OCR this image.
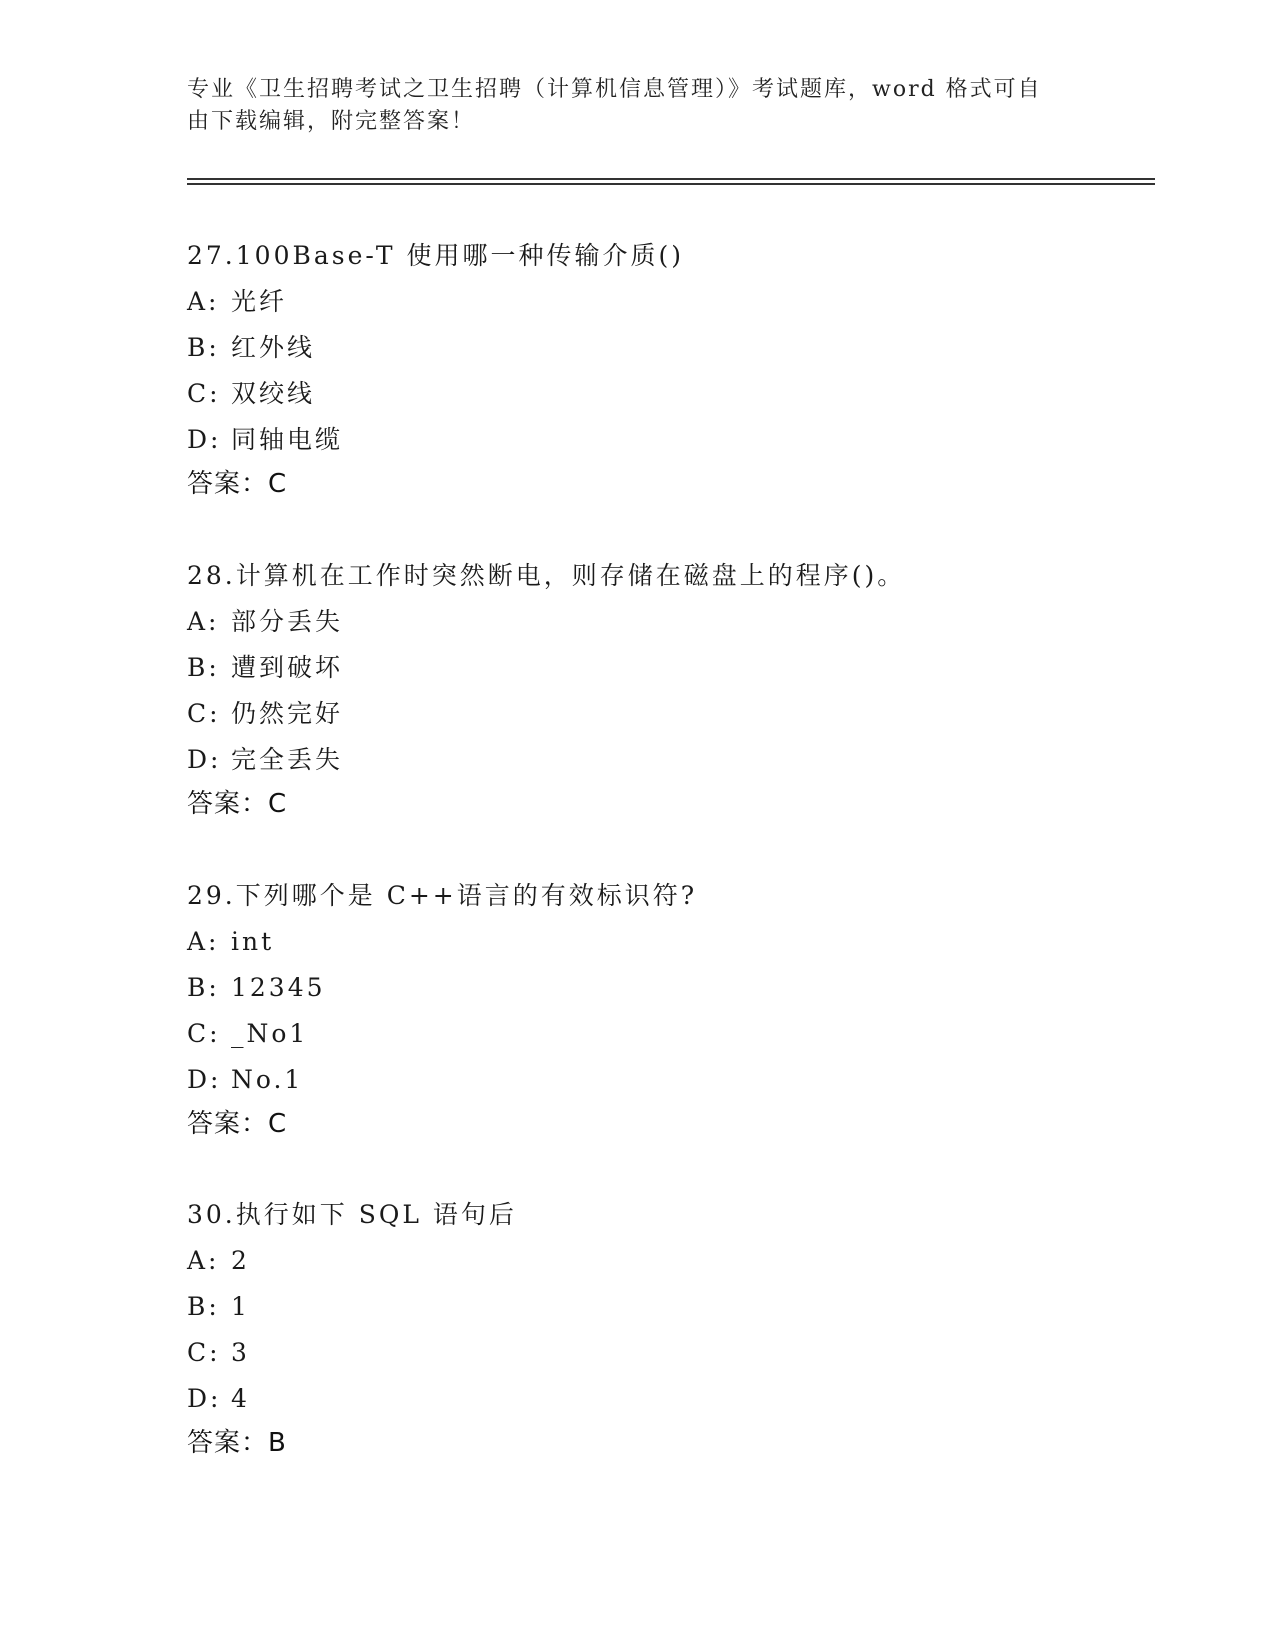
专业《卫生招聘考试之卫生招聘（计算机信息管理）》考试题库，word 格式可自
由下载编辑，附完整答案！
27.100Base-T 使用哪一种传输介质()
A: 光纤
B: 红外线
C: 双绞线
D: 同轴电缆
答案：C
28.计算机在工作时突然断电，则存储在磁盘上的程序()。
A: 部分丢失
B: 遭到破坏
C: 仍然完好
D: 完全丢失
答案：C
29.下列哪个是 C++语言的有效标识符?
A: int
B: 12345
C: _No1
D: No.1
答案：C
30.执行如下 SQL 语句后
A: 2
B: 1
C: 3
D: 4
答案：B
